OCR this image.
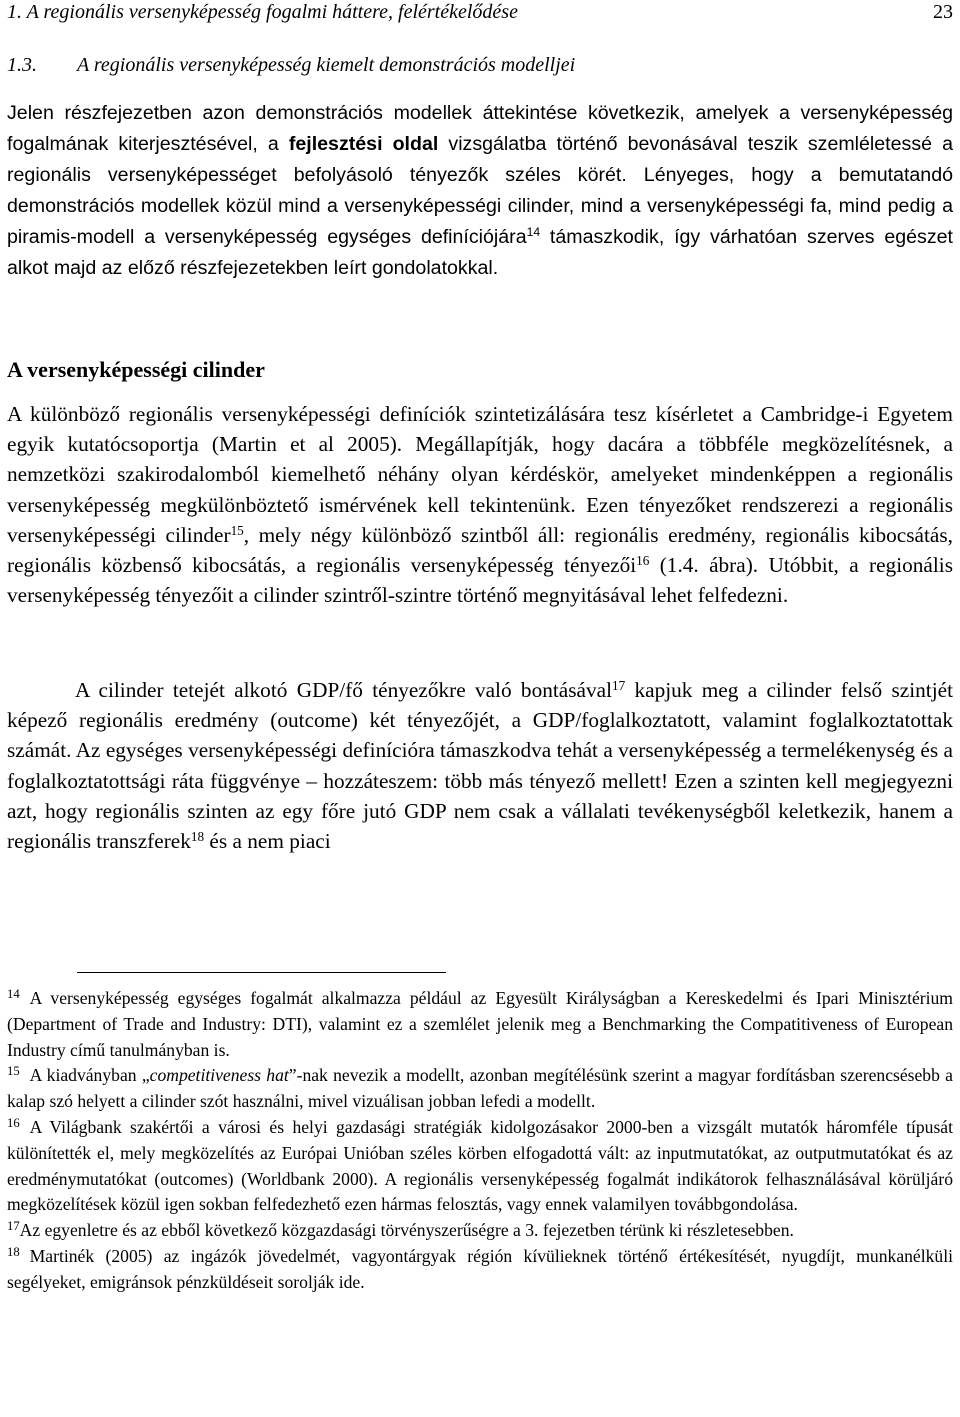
1. A regionális versenyképesség fogalmi háttere, felértékelődése	23
1.3. A regionális versenyképesség kiemelt demonstrációs modelljei

Jelen részfejezetben azon demonstrációs modellek áttekintése következik, amelyek a versenyképesség fogalmának kiterjesztésével, a fejlesztési oldal vizsgálatba történő bevonásával teszik szemléletessé a regionális versenyképességet befolyásoló tényezők széles körét. Lényeges, hogy a bemutatandó demonstrációs modellek közül mind a versenyképességi cilinder, mind a versenyképességi fa, mind pedig a piramis-modell a versenyképesség egységes definíciójára$^{14}$ támaszkodik, így várhatóan szerves egészet alkot majd az előző részfejezetekben leírt gondolatokkal.

A versenyképességi cilinder

A különböző regionális versenyképességi definíciók szintetizálására tesz kísérletet a Cambridge-i Egyetem egyik kutatócsoportja (Martin et al 2005). Megállapítják, hogy dacára a többféle megközelítésnek, a nemzetközi szakirodalomból kiemelhető néhány olyan kérdéskör, amelyeket mindenképpen a regionális versenyképesség megkülönböztető ismérvének kell tekintenünk. Ezen tényezőket rendszerezi a regionális versenyképességi cilinder$^{15}$, mely négy különböző szintből áll: regionális eredmény, regionális kibocsátás, regionális közbenső kibocsátás, a regionális versenyképesség tényezői$^{16}$ (1.4. ábra). Utóbbit, a regionális versenyképesség tényezőit a cilinder szintről-szintre történő megnyitásával lehet felfedezni.

A cilinder tetejét alkotó GDP/fő tényezőkre való bontásával$^{17}$ kapjuk meg a cilinder felső szintjét képező regionális eredmény (outcome) két tényezőjét, a GDP/foglalkoztatott, valamint foglalkoztatottak számát. Az egységes versenyképességi definícióra támaszkodva tehát a versenyképesség a termelékenység és a foglalkoztatottsági ráta függvénye – hozzáteszem: több más tényező mellett! Ezen a szinten kell megjegyezni azt, hogy regionális szinten az egy főre jutó GDP nem csak a vállalati tevékenységből keletkezik, hanem a regionális transzferek$^{18}$ és a nem piaci

$^{14}$ A versenyképesség egységes fogalmát alkalmazza például az Egyesült Királyságban a Kereskedelmi és Ipari Minisztérium (Department of Trade and Industry: DTI), valamint ez a szemlélet jelenik meg a Benchmarking the Compatitiveness of European Industry című tanulmányban is.

$^{15}$ A kiadványban „competitiveness hat”-nak nevezik a modellt, azonban megítélésünk szerint a magyar fordításban szerencsésebb a kalap szó helyett a cilinder szót használni, mivel vizuálisan jobban lefedi a modellt.

$^{16}$ A Világbank szakértői a városi és helyi gazdasági stratégiák kidolgozásakor 2000-ben a vizsgált mutatók háromféle típusát különítették el, mely megközelítés az Európai Unióban széles körben elfogadottá vált: az inputmutatókat, az outputmutatókat és az eredménymutatókat (outcomes) (Worldbank 2000). A regionális versenyképesség fogalmát indikátorok felhasználásával körüljáró megközelítések közül igen sokban felfedezhető ezen hármas felosztás, vagy ennek valamilyen továbbgondolása.

$^{17}$Az egyenletre és az ebből következő közgazdasági törvényszerűségre a 3. fejezetben térünk ki részletesebben.

$^{18}$ Martinék (2005) az ingázók jövedelmét, vagyontárgyak régión kívülieknek történő értékesítését, nyugdíjt, munkanélküli segélyeket, emigránsok pénzküldéseit sorolják ide.
